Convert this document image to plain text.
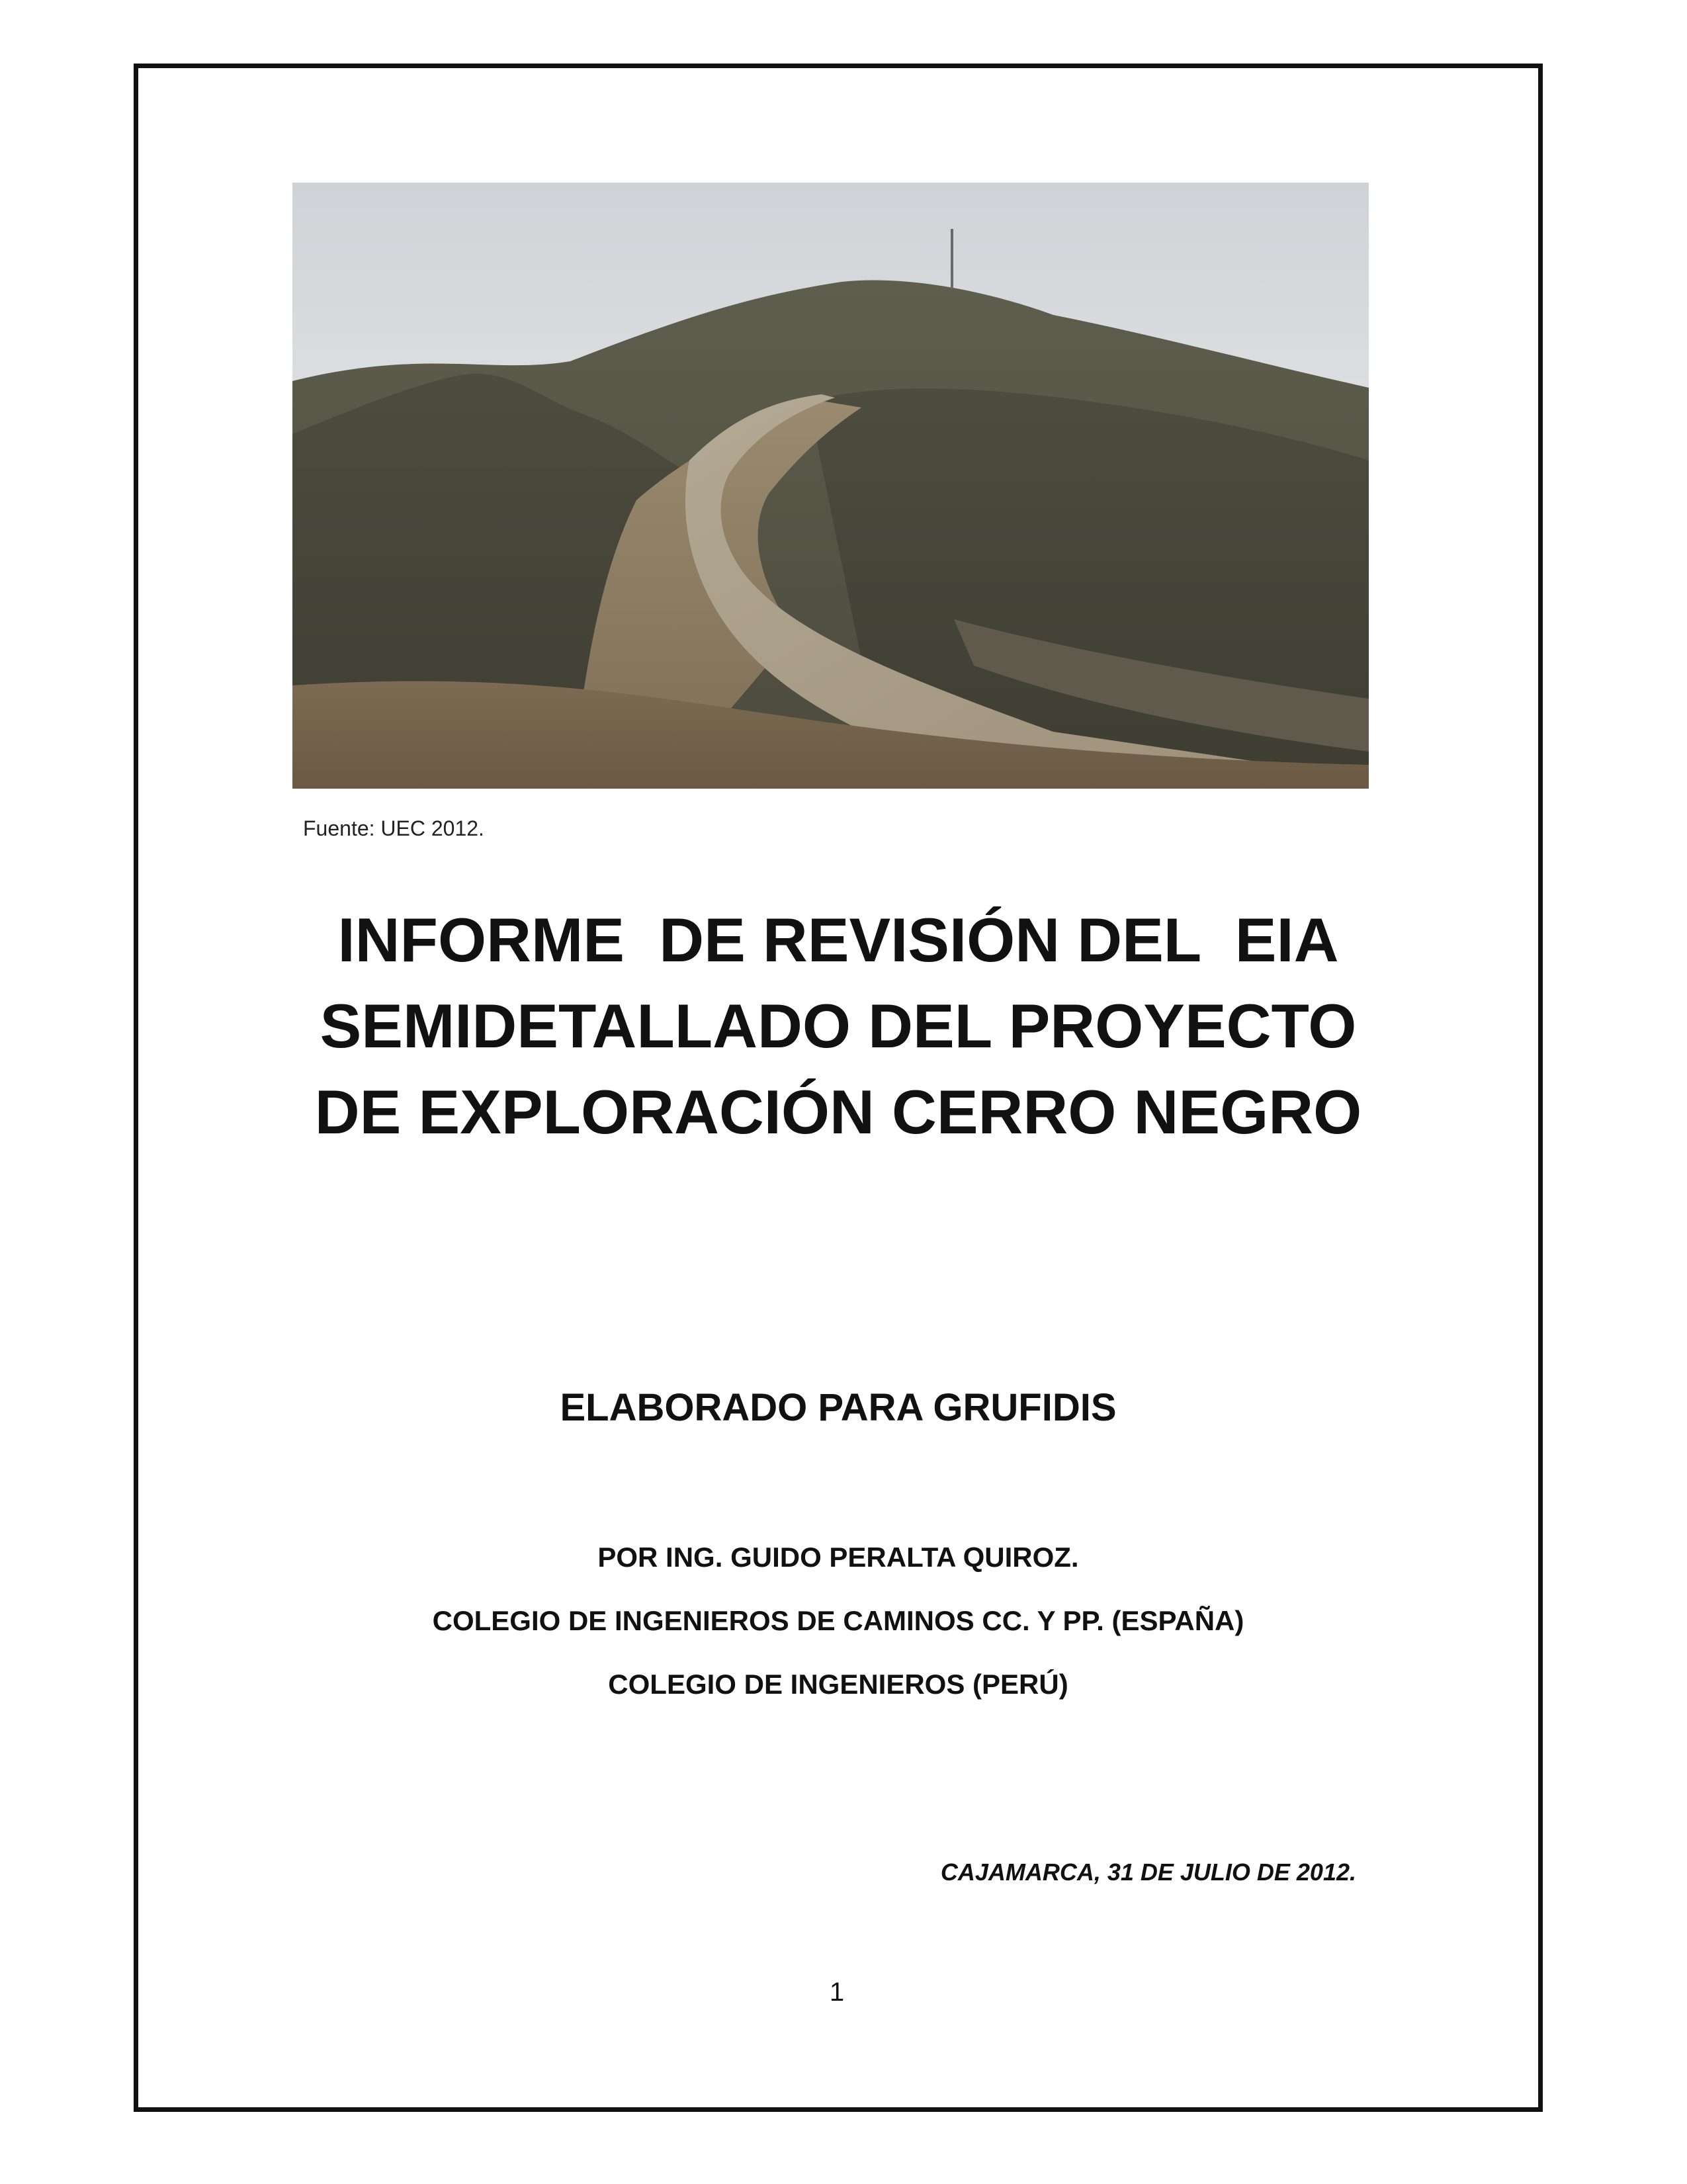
Fuente: UEC 2012.
INFORME  DE REVISIÓN DEL  EIA
SEMIDETALLADO DEL PROYECTO
DE EXPLORACIÓN CERRO NEGRO
ELABORADO PARA GRUFIDIS
POR ING. GUIDO PERALTA QUIROZ.
COLEGIO DE INGENIEROS DE CAMINOS CC. Y PP. (ESPAÑA)
COLEGIO DE INGENIEROS (PERÚ)
CAJAMARCA, 31 DE JULIO DE 2012.
1
